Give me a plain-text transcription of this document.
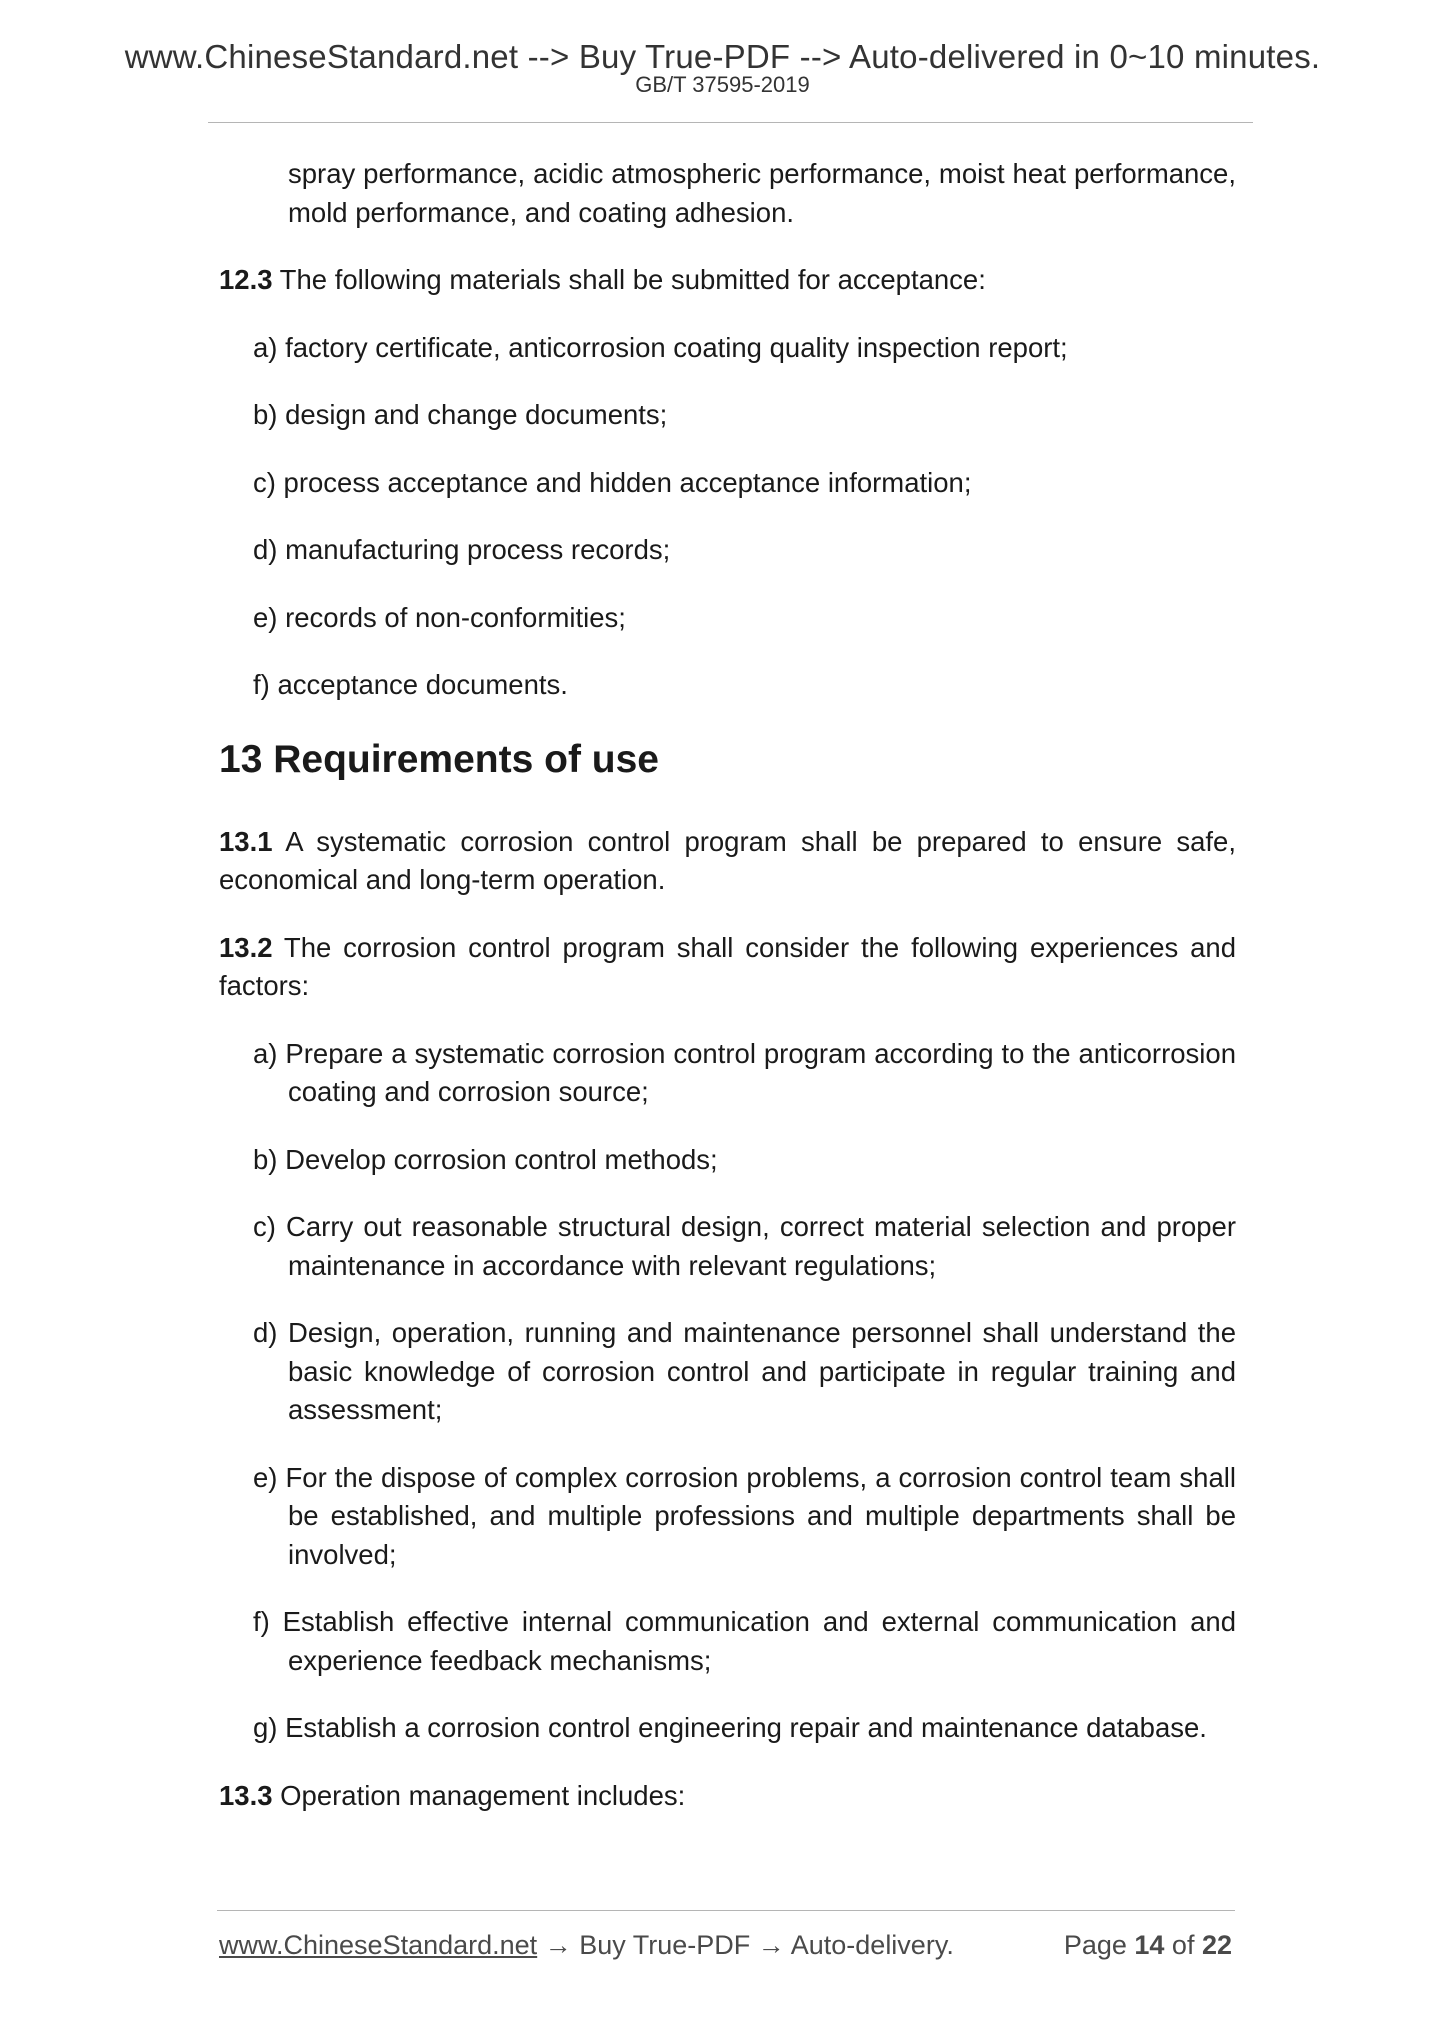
www.ChineseStandard.net --> Buy True-PDF --> Auto-delivered in 0~10 minutes.
GB/T 37595-2019

spray performance, acidic atmospheric performance, moist heat performance, mold performance, and coating adhesion.

12.3 The following materials shall be submitted for acceptance:

a) factory certificate, anticorrosion coating quality inspection report;

b) design and change documents;

c) process acceptance and hidden acceptance information;

d) manufacturing process records;

e) records of non-conformities;

f) acceptance documents.

13 Requirements of use

13.1 A systematic corrosion control program shall be prepared to ensure safe, economical and long-term operation.

13.2 The corrosion control program shall consider the following experiences and factors:

a) Prepare a systematic corrosion control program according to the anticorrosion coating and corrosion source;

b) Develop corrosion control methods;

c) Carry out reasonable structural design, correct material selection and proper maintenance in accordance with relevant regulations;

d) Design, operation, running and maintenance personnel shall understand the basic knowledge of corrosion control and participate in regular training and assessment;

e) For the dispose of complex corrosion problems, a corrosion control team shall be established, and multiple professions and multiple departments shall be involved;

f) Establish effective internal communication and external communication and experience feedback mechanisms;

g) Establish a corrosion control engineering repair and maintenance database.

13.3 Operation management includes:

www.ChineseStandard.net → Buy True-PDF → Auto-delivery.	Page 14 of 22
